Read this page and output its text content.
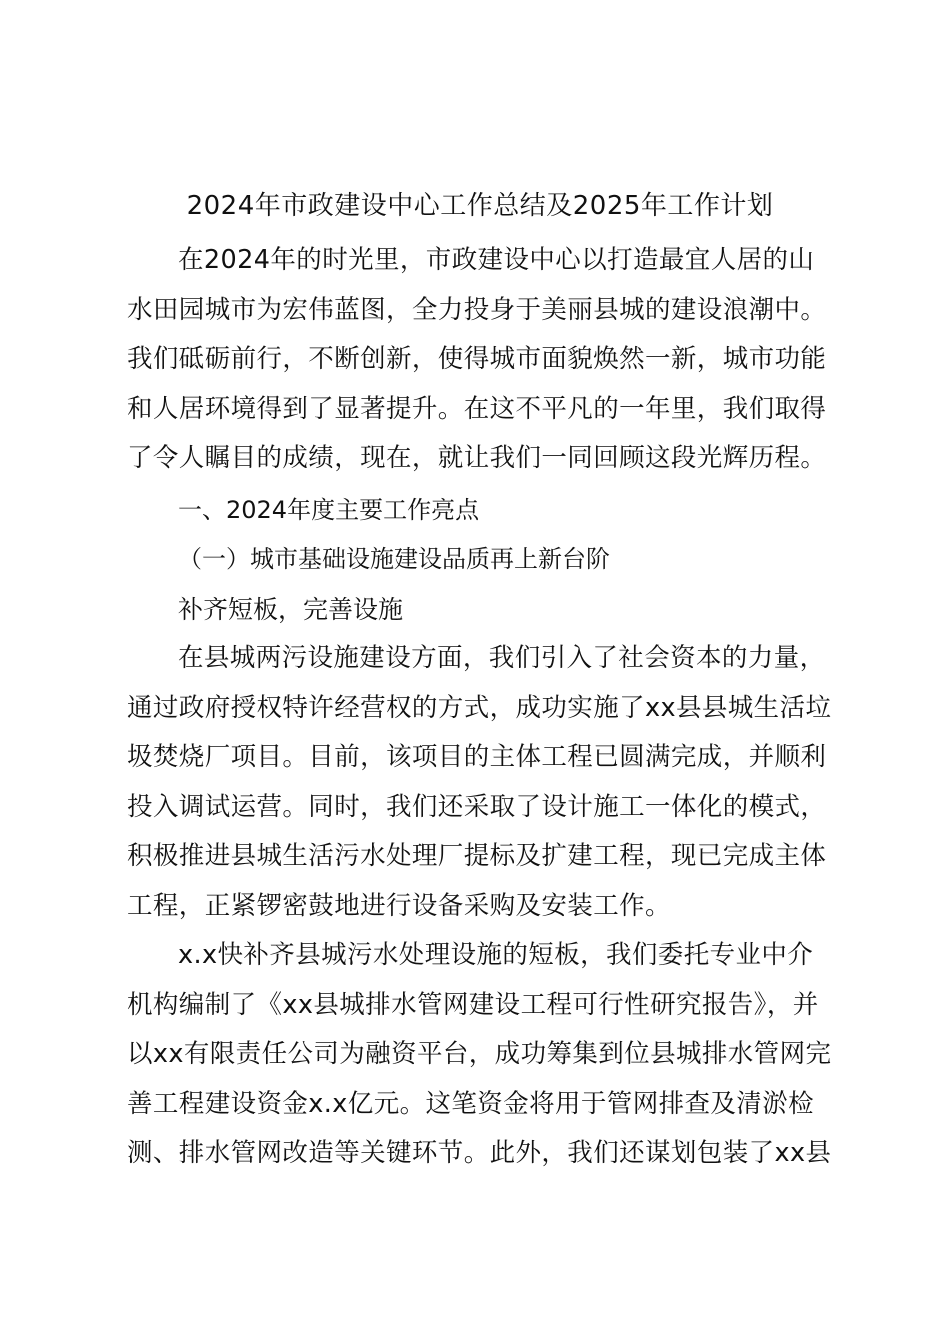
2024年市政建设中心工作总结及2025年工作计划

在2024年的时光里，市政建设中心以打造最宜人居的山
水田园城市为宏伟蓝图，全力投身于美丽县城的建设浪潮中。
我们砥砺前行，不断创新，使得城市面貌焕然一新，城市功能
和人居环境得到了显著提升。在这不平凡的一年里，我们取得
了令人瞩目的成绩，现在，就让我们一同回顾这段光辉历程。

一、2024年度主要工作亮点

（一）城市基础设施建设品质再上新台阶

补齐短板，完善设施

在县城两污设施建设方面，我们引入了社会资本的力量，
通过政府授权特许经营权的方式，成功实施了xx县县城生活垃
圾焚烧厂项目。目前，该项目的主体工程已圆满完成，并顺利
投入调试运营。同时，我们还采取了设计施工一体化的模式，
积极推进县城生活污水处理厂提标及扩建工程，现已完成主体
工程，正紧锣密鼓地进行设备采购及安装工作。

x.x快补齐县城污水处理设施的短板，我们委托专业中介
机构编制了《xx县城排水管网建设工程可行性研究报告》，并
以xx有限责任公司为融资平台，成功筹集到位县城排水管网完
善工程建设资金x.x亿元。这笔资金将用于管网排查及清淤检
测、排水管网改造等关键环节。此外，我们还谋划包装了xx县
